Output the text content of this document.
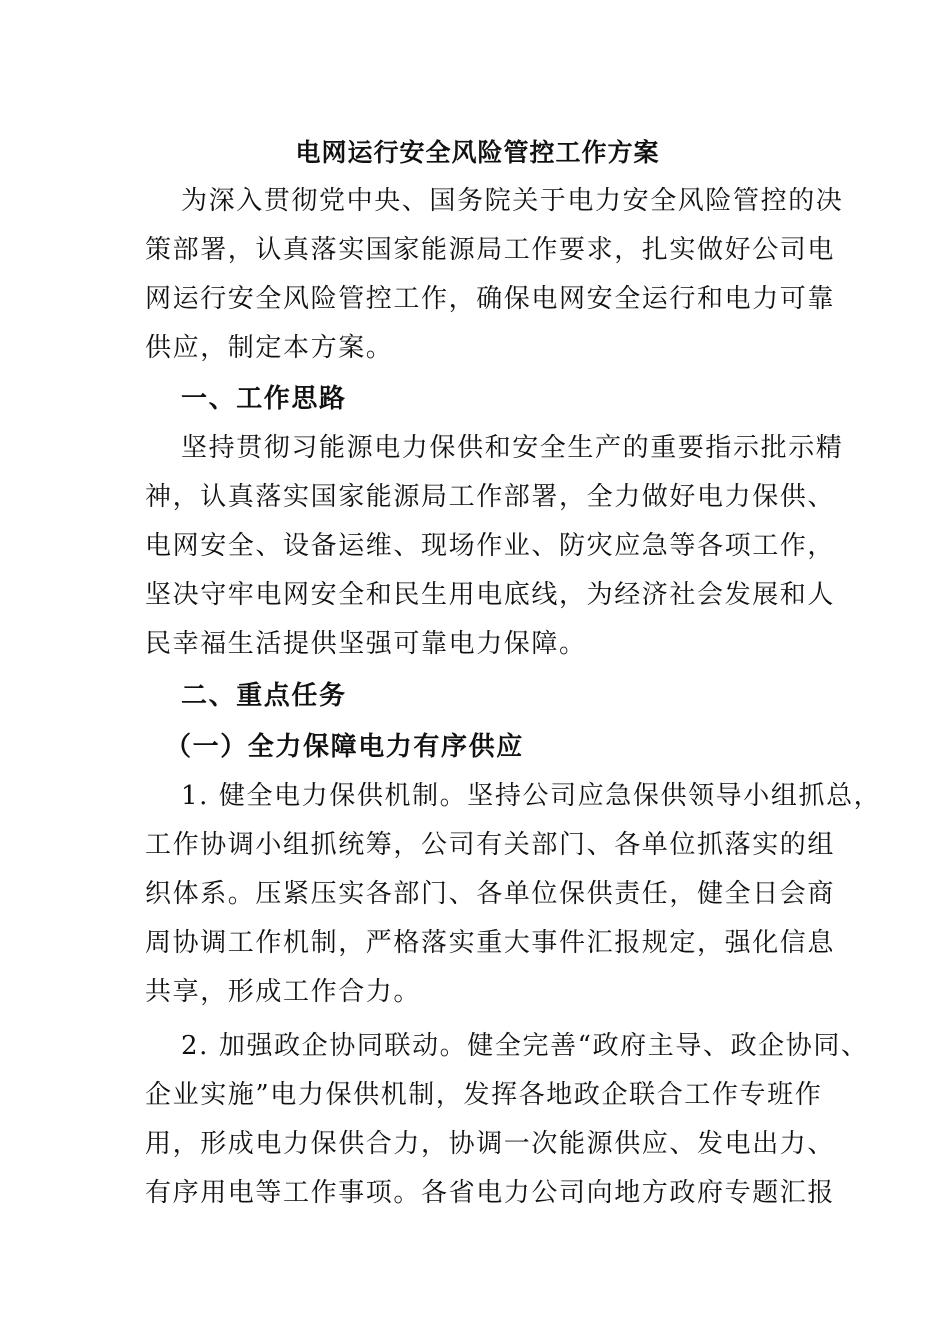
电网运行安全风险管控工作方案
为深入贯彻党中央、国务院关于电力安全风险管控的决
策部署，认真落实国家能源局工作要求，扎实做好公司电
网运行安全风险管控工作，确保电网安全运行和电力可靠
供应，制定本方案。
一、工作思路
坚持贯彻习能源电力保供和安全生产的重要指示批示精
神，认真落实国家能源局工作部署，全力做好电力保供、
电网安全、设备运维、现场作业、防灾应急等各项工作，
坚决守牢电网安全和民生用电底线，为经济社会发展和人
民幸福生活提供坚强可靠电力保障。
二、重点任务
（一）全力保障电力有序供应
1. 健全电力保供机制。坚持公司应急保供领导小组抓总，
工作协调小组抓统筹，公司有关部门、各单位抓落实的组
织体系。压紧压实各部门、各单位保供责任，健全日会商
周协调工作机制，严格落实重大事件汇报规定，强化信息
共享，形成工作合力。
2. 加强政企协同联动。健全完善“政府主导、政企协同、
企业实施”电力保供机制，发挥各地政企联合工作专班作
用，形成电力保供合力，协调一次能源供应、发电出力、
有序用电等工作事项。各省电力公司向地方政府专题汇报
